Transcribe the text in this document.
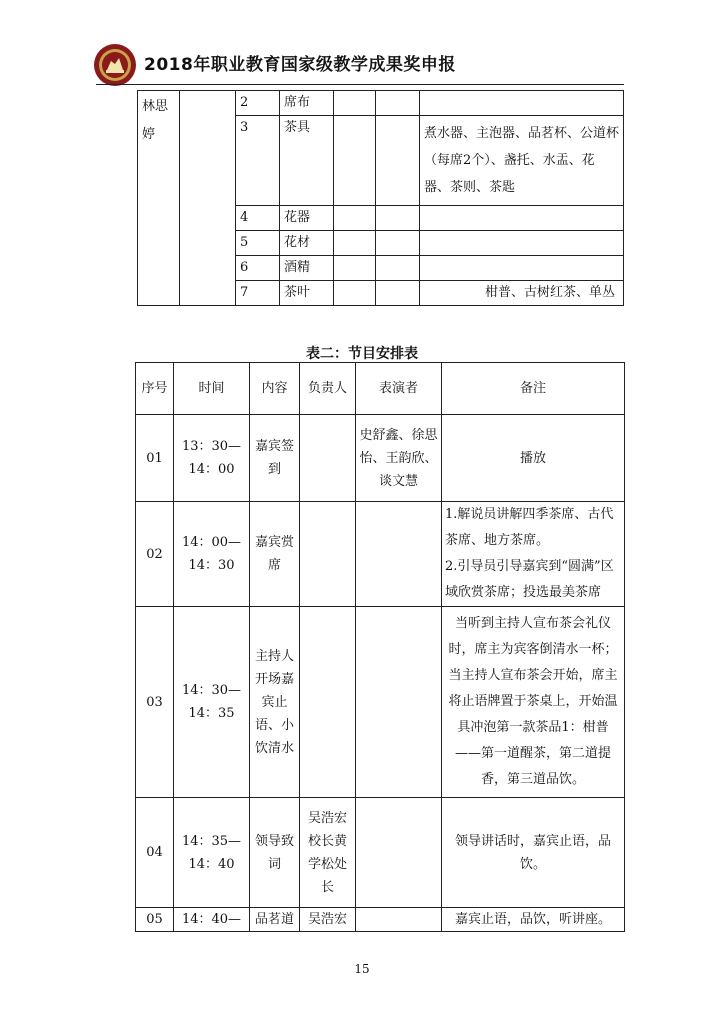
2018年职业教育国家级教学成果奖申报
林思婷		2	席布			
		3	茶具			煮水器、主泡器、品茗杯、公道杯（每席2个）、盏托、水盂、花器、茶则、茶匙
		4	花器			
		5	花材			
		6	酒精			
		7	茶叶			柑普、古树红茶、单丛
表二：节目安排表
序号	时间	内容	负责人	表演者	备注
01	13：30—14：00	嘉宾签到		史舒鑫、徐思怡、王韵欣、谈文慧	播放
02	14：00—14：30	嘉宾赏席			1.解说员讲解四季茶席、古代茶席、地方茶席。
2.引导员引导嘉宾到“圆满”区域欣赏茶席；投选最美茶席

03	14：30—14：35	主持人开场嘉宾止语、小饮清水			当听到主持人宣布茶会礼仪时，席主为宾客倒清水一杯；当主持人宣布茶会开始，席主将止语牌置于茶桌上，开始温具冲泡第一款茶品1：柑普——第一道醒茶，第二道提香，第三道品饮。
04	14：35—14：40	领导致词	吴浩宏校长黄学松处长		领导讲话时，嘉宾止语，品饮。
05	14：40—	品茗道	吴浩宏		嘉宾止语，品饮，听讲座。
15
